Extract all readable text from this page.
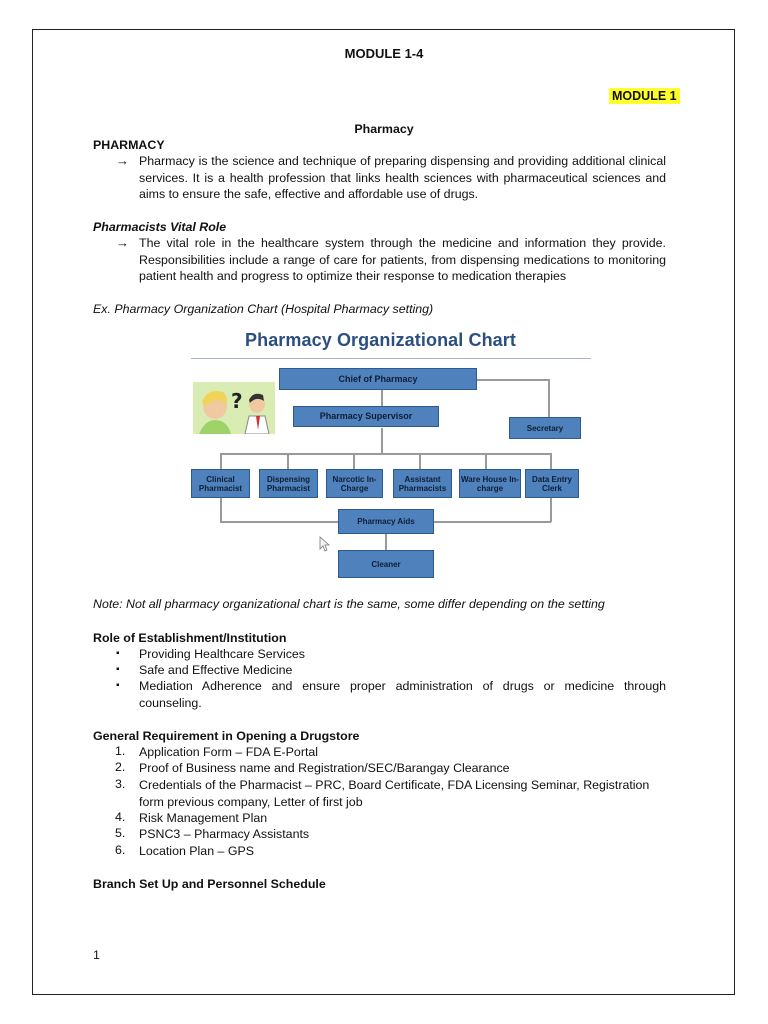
MODULE 1-4
MODULE 1
Pharmacy
PHARMACY
→ Pharmacy is the science and technique of preparing dispensing and providing additional clinical services. It is a health profession that links health sciences with pharmaceutical sciences and aims to ensure the safe, effective and affordable use of drugs.
Pharmacists Vital Role
→ The vital role in the healthcare system through the medicine and information they provide. Responsibilities include a range of care for patients, from dispensing medications to monitoring patient health and progress to optimize their response to medication therapies
Ex. Pharmacy Organization Chart (Hospital Pharmacy setting)
Pharmacy Organizational Chart
?
Chief of Pharmacy
Pharmacy Supervisor
Secretary
Clinical Pharmacist
Dispensing Pharmacist
Narcotic In-Charge
Assistant Pharmacists
Ware House In-charge
Data Entry Clerk
Pharmacy Aids
Cleaner
Note: Not all pharmacy organizational chart is the same, some differ depending on the setting
Role of Establishment/Institution
▪ Providing Healthcare Services
▪ Safe and Effective Medicine
▪ Mediation Adherence and ensure proper administration of drugs or medicine through counseling.
General Requirement in Opening a Drugstore
1. Application Form – FDA E-Portal
2. Proof of Business name and Registration/SEC/Barangay Clearance
3. Credentials of the Pharmacist – PRC, Board Certificate, FDA Licensing Seminar, Registration form previous company, Letter of first job
4. Risk Management Plan
5. PSNC3 – Pharmacy Assistants
6. Location Plan – GPS
Branch Set Up and Personnel Schedule
1
